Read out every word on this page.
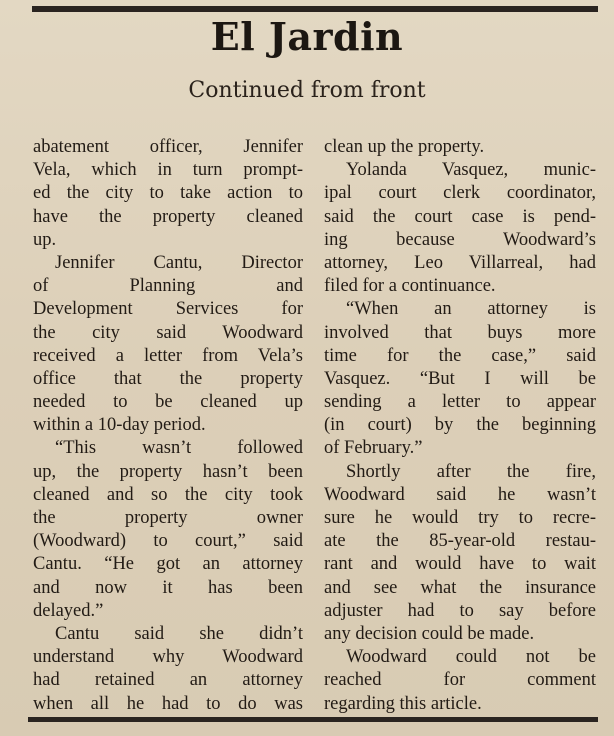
El Jardin
Continued from front
abatement officer, Jennifer
Vela, which in turn prompt-
ed the city to take action to
have the property cleaned
up.
Jennifer Cantu, Director
of Planning and
Development Services for
the city said Woodward
received a letter from Vela’s
office that the property
needed to be cleaned up
within a 10-day period.
“This wasn’t followed
up, the property hasn’t been
cleaned and so the city took
the property owner
(Woodward) to court,” said
Cantu. “He got an attorney
and now it has been
delayed.”
Cantu said she didn’t
understand why Woodward
had retained an attorney
when all he had to do was
clean up the property.
Yolanda Vasquez, munic-
ipal court clerk coordinator,
said the court case is pend-
ing because Woodward’s
attorney, Leo Villarreal, had
filed for a continuance.
“When an attorney is
involved that buys more
time for the case,” said
Vasquez. “But I will be
sending a letter to appear
(in court) by the beginning
of February.”
Shortly after the fire,
Woodward said he wasn’t
sure he would try to recre-
ate the 85-year-old restau-
rant and would have to wait
and see what the insurance
adjuster had to say before
any decision could be made.
Woodward could not be
reached for comment
regarding this article.
